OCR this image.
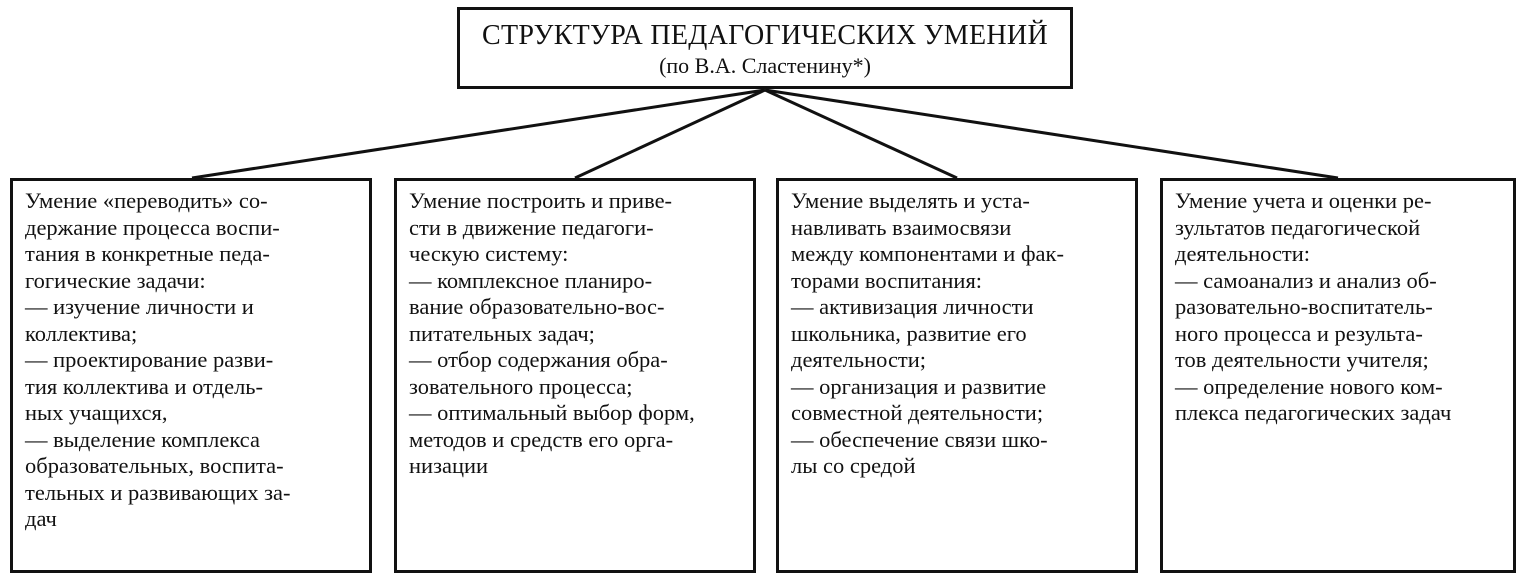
СТРУКТУРА ПЕДАГОГИЧЕСКИХ УМЕНИЙ
(по В.А. Сластенину*)
Умение «переводить» со-
держание процесса воспи-
тания в конкретные педа-
гогические задачи:
— изучение личности и
коллектива;
— проектирование разви-
тия коллектива и отдель-
ных учащихся,
— выделение комплекса
образовательных, воспита-
тельных и развивающих за-
дач
Умение построить и приве-
сти в движение педагоги-
ческую систему:
— комплексное планиро-
вание образовательно-вос-
питательных задач;
— отбор содержания обра-
зовательного процесса;
— оптимальный выбор форм,
методов и средств его орга-
низации
Умение выделять и уста-
навливать взаимосвязи
между компонентами и фак-
торами воспитания:
— активизация личности
школьника, развитие его
деятельности;
— организация и развитие
совместной деятельности;
— обеспечение связи шко-
лы со средой
Умение учета и оценки ре-
зультатов педагогической
деятельности:
— самоанализ и анализ об-
разовательно-воспитатель-
ного процесса и результа-
тов деятельности учителя;
— определение нового ком-
плекса педагогических задач
